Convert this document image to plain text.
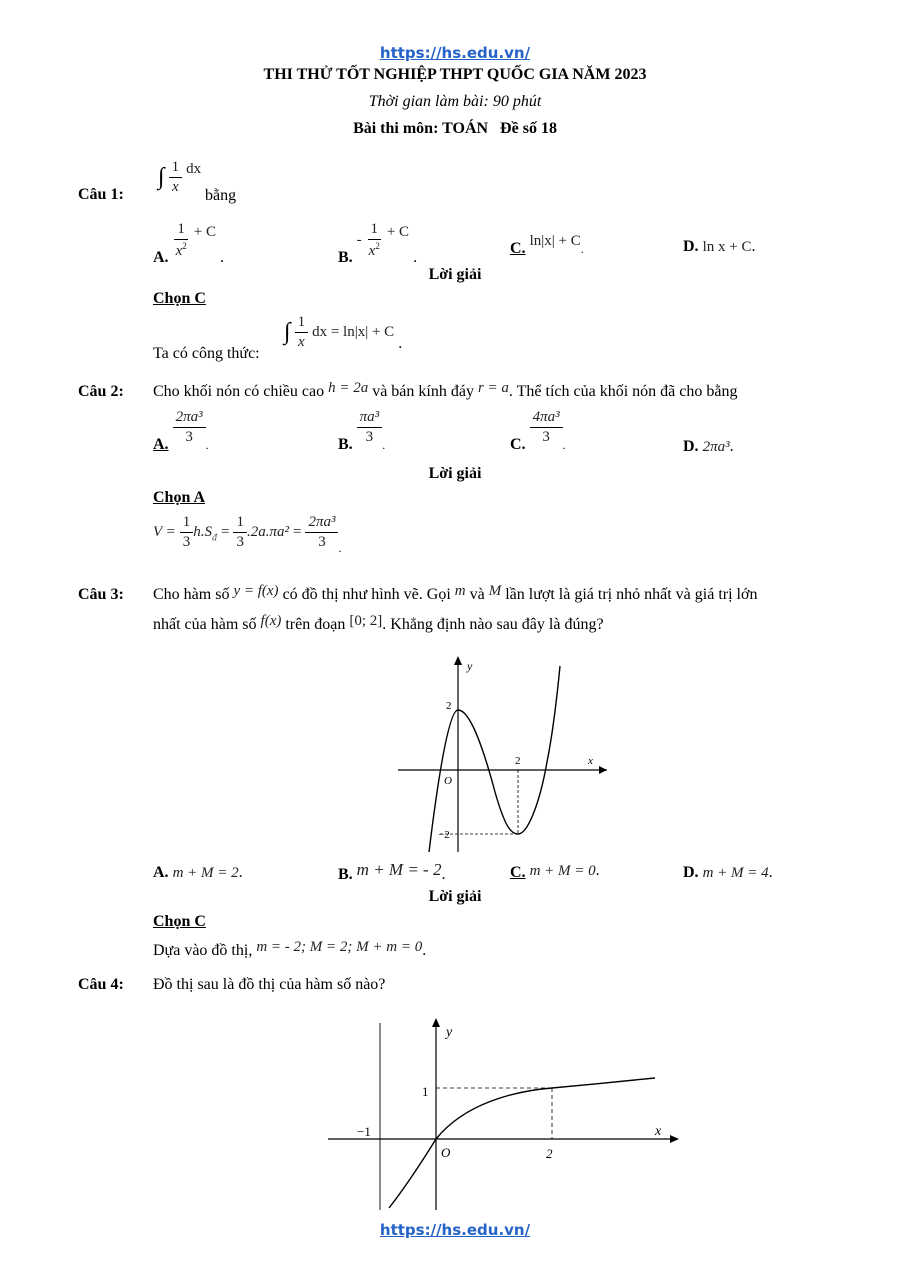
https://hs.edu.vn/
THI THỬ TỐT NGHIỆP THPT QUỐC GIA NĂM 2023
Thời gian làm bài: 90 phút
Bài thi môn: TOÁN   Đề số 18
Câu 1:
∫ $\frac{1}{x}$ dx
bằng
A. $\frac{1}{x^2} + C$ .	B. - $\frac{1}{x^2} + C$ .
C. $\ln|x| + C_.$	D. ln x + C.
Lời giải
Chọn C
Ta có công thức:
∫ $\frac{1}{x}$ dx = ln|x| + C .
Câu 2: Cho khối nón có chiều cao h = 2a và bán kính đáy r = a. Thể tích của khối nón đã cho bằng
A. $\frac{\text{2πa³}}{3}$
$_.$	B. $\frac{\text{πa³}}{3}$
$_.$	C. $\frac{\text{4πa³}}{3}$
$_.$	D. 2πa³.
Lời giải
Chọn A
$V = \frac{1}{3} h.S_đ = \frac{1}{3} .2a.\pi a^2 = \frac{\text{2πa³}}{3} _.$
Câu 3: Cho hàm số y = f(x) có đồ thị như hình vẽ. Gọi m và M lần lượt là giá trị nhỏ nhất và giá trị lớn
nhất của hàm số f(x) trên đoạn [0; 2]. Khẳng định nào sau đây là đúng?
y
x
O
2
2
−2
A. m + M = 2.	B. m + M = - 2.	C. m + M = 0.	D. m + M = 4.
Lời giải
Chọn C
Dựa vào đồ thị, m = - 2; M = 2; M + m = 0.
Câu 4: Đồ thị sau là đồ thị của hàm số nào?
y
x
O
1
−1
2
https://hs.edu.vn/
